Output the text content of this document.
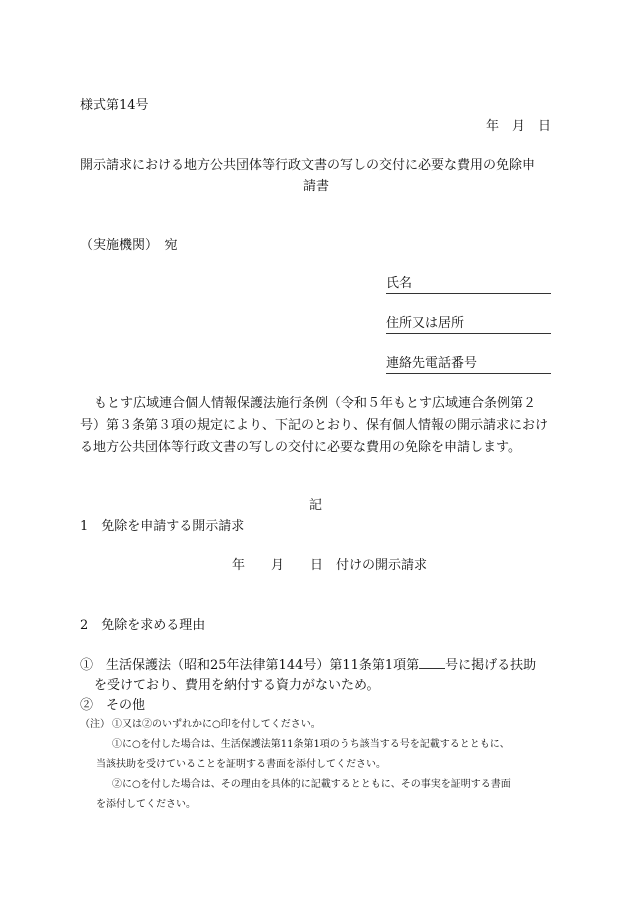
様式第14号
年　月　日
開示請求における地方公共団体等行政文書の写しの交付に必要な費用の免除申
請書
（実施機関）　宛
氏名
住所又は居所
連絡先電話番号
もとす広域連合個人情報保護法施行条例（令和５年もとす広域連合条例第２
号）第３条第３項の規定により、下記のとおり、保有個人情報の開示請求におけ
る地方公共団体等行政文書の写しの交付に必要な費用の免除を申請します。
記
1　免除を申請する開示請求
年　　月　　日　付けの開示請求
2　免除を求める理由
①　生活保護法（昭和25年法律第144号）第11条第1項第 号に掲げる扶助
を受けており、費用を納付する資力がないため。
②　その他
（注） ①又は②のいずれかに○印を付してください。
①に○を付した場合は、生活保護法第11条第1項のうち該当する号を記載するとともに、
当該扶助を受けていることを証明する書面を添付してください。
②に○を付した場合は、その理由を具体的に記載するとともに、その事実を証明する書面
を添付してください。
